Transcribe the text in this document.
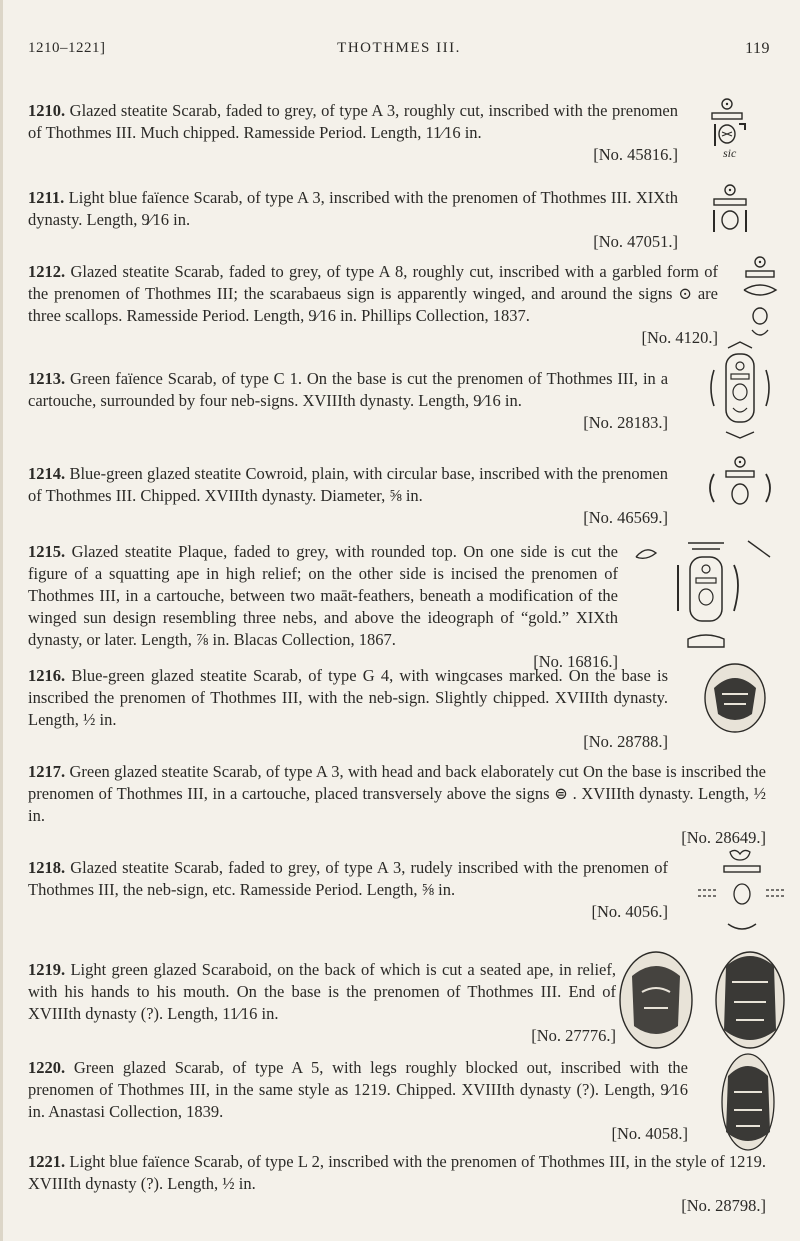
1210–1221]	THOTHMES III.	119
1210. Glazed steatite Scarab, faded to grey, of type A 3, roughly cut, inscribed with the prenomen of Thothmes III. Much chipped. Ramesside Period. Length, 11⁄16 in.
[No. 45816.]	sic
1211. Light blue faïence Scarab, of type A 3, inscribed with the prenomen of Thothmes III. XIXth dynasty. Length, 9⁄16 in.
[No. 47051.]
1212. Glazed steatite Scarab, faded to grey, of type A 8, roughly cut, inscribed with a garbled form of the prenomen of Thothmes III; the scarabaeus sign is apparently winged, and around the signs ⊙ are three scallops. Ramesside Period. Length, 9⁄16 in. Phillips Collection, 1837.
[No. 4120.]
1213. Green faïence Scarab, of type C 1. On the base is cut the prenomen of Thothmes III, in a cartouche, surrounded by four neb-signs. XVIIIth dynasty. Length, 9⁄16 in.
[No. 28183.]
1214. Blue-green glazed steatite Cowroid, plain, with circular base, inscribed with the prenomen of Thothmes III. Chipped. XVIIIth dynasty. Diameter, ⅝ in.
[No. 46569.]
1215. Glazed steatite Plaque, faded to grey, with rounded top. On one side is cut the figure of a squatting ape in high relief; on the other side is incised the prenomen of Thothmes III, in a cartouche, between two maāt-feathers, beneath a modification of the winged sun design resembling three nebs, and above the ideograph of “gold.” XIXth dynasty, or later. Length, ⅞ in. Blacas Collection, 1867.
[No. 16816.]
1216. Blue-green glazed steatite Scarab, of type G 4, with wingcases marked. On the base is inscribed the prenomen of Thothmes III, with the neb-sign. Slightly chipped. XVIIIth dynasty. Length, ½ in.
[No. 28788.]
1217. Green glazed steatite Scarab, of type A 3, with head and back elaborately cut On the base is inscribed the prenomen of Thothmes III, in a cartouche, placed transversely above the signs ⊜ . XVIIIth dynasty. Length, ½ in.
[No. 28649.]
1218. Glazed steatite Scarab, faded to grey, of type A 3, rudely inscribed with the prenomen of Thothmes III, the neb-sign, etc. Ramesside Period. Length, ⅝ in.
[No. 4056.]
1219. Light green glazed Scaraboid, on the back of which is cut a seated ape, in relief, with his hands to his mouth. On the base is the prenomen of Thothmes III. End of XVIIIth dynasty (?). Length, 11⁄16 in.
[No. 27776.]
1220. Green glazed Scarab, of type A 5, with legs roughly blocked out, inscribed with the prenomen of Thothmes III, in the same style as 1219. Chipped. XVIIIth dynasty (?). Length, 9⁄16 in. Anastasi Collection, 1839.
[No. 4058.]
1221. Light blue faïence Scarab, of type L 2, inscribed with the prenomen of Thothmes III, in the style of 1219. XVIIIth dynasty (?). Length, ½ in.
[No. 28798.]
